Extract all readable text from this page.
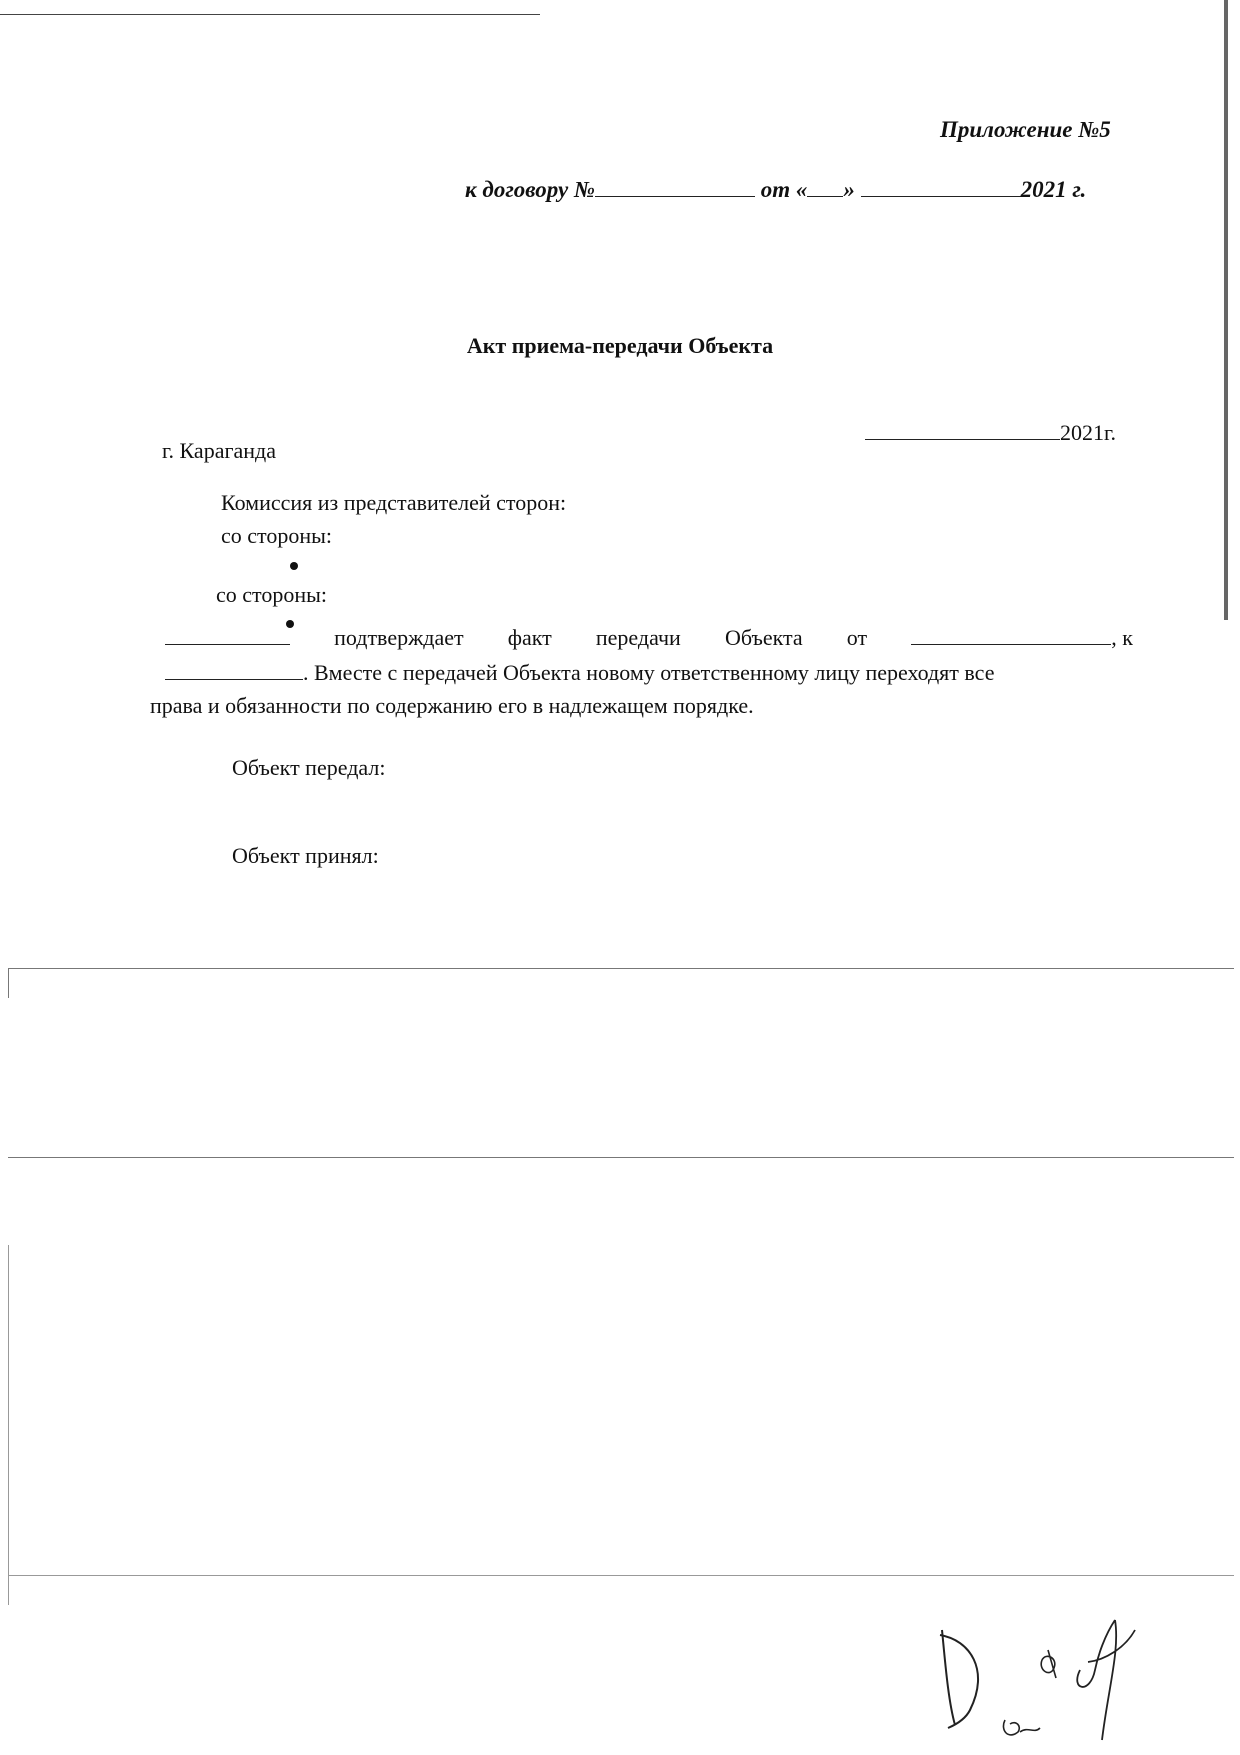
Приложение №5
к договору №	от « »	2021 г.
Акт приема-передачи Объекта
г. Караганда
2021г.
Комиссия из представителей сторон:
со стороны:
со стороны:
подтверждает факт передачи Объекта от	, к
. Вместе с передачей Объекта новому ответственному лицу переходят все
права и обязанности по содержанию его в надлежащем порядке.
Объект передал:
Объект принял:
